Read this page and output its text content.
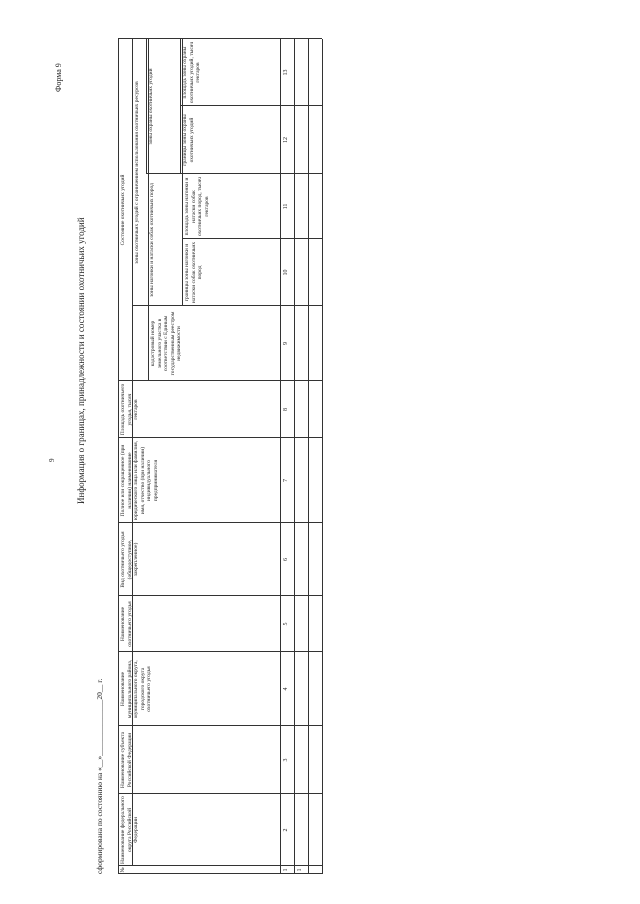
9
Форма 9
Информация о границах, принадлежности и состоянии охотничьих угодий
сформирована по состоянию на «__»_______________20__ г.	№
Наименование федерального округа Российской Федерации
Наименование субъекта Российской Федерации
Наименование муниципального района, муниципального округа, городского округа охотничьего угодья
Наименование охотничьего угодья
Вид охотничьего угодья (общедоступное, закрепленное)
Полное или сокращенное (при наличии) наименование юридического лица или фамилия, имя, отчество (при наличии) индивидуального предпринимателя
Площадь охотничьего угодья, тысяч гектаров
Состояние охотничьих угодий
кадастровый номер земельного участка в соответствии с Единым государственным реестром недвижимости
зоны охотничьих угодий с ограничением использования охотничьих ресурсов зоны нагонки и натаски собак охотничьих пород
зоны охраны охотничьих угодий
границы зоны нагонки и натаски собак охотничьих пород
площадь зоны нагонки и натаски собак охотничьих пород, тысяч гектаров
границы зоны охраны охотничьих угодий
площадь зоны охраны охотничьих угодий, тысяч гектаров
1
2
3
4
5
6
7
8
9
10
11
12
13
1
